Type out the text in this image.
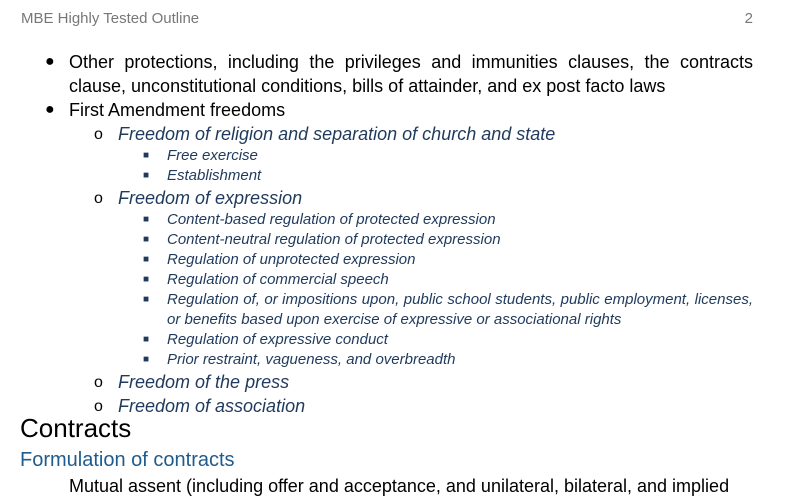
MBE Highly Tested Outline	2
● Other protections, including the privileges and immunities clauses, the contracts clause, unconstitutional conditions, bills of attainder, and ex post facto laws
● First Amendment freedoms
o Freedom of religion and separation of church and state
■ Free exercise
■ Establishment
o Freedom of expression
■ Content-based regulation of protected expression
■ Content-neutral regulation of protected expression
■ Regulation of unprotected expression
■ Regulation of commercial speech
■ Regulation of, or impositions upon, public school students, public employment, licenses, or benefits based upon exercise of expressive or associational rights
■ Regulation of expressive conduct
■ Prior restraint, vagueness, and overbreadth
o Freedom of the press
o Freedom of association
Contracts
Formulation of contracts
Mutual assent (including offer and acceptance, and unilateral, bilateral, and implied
